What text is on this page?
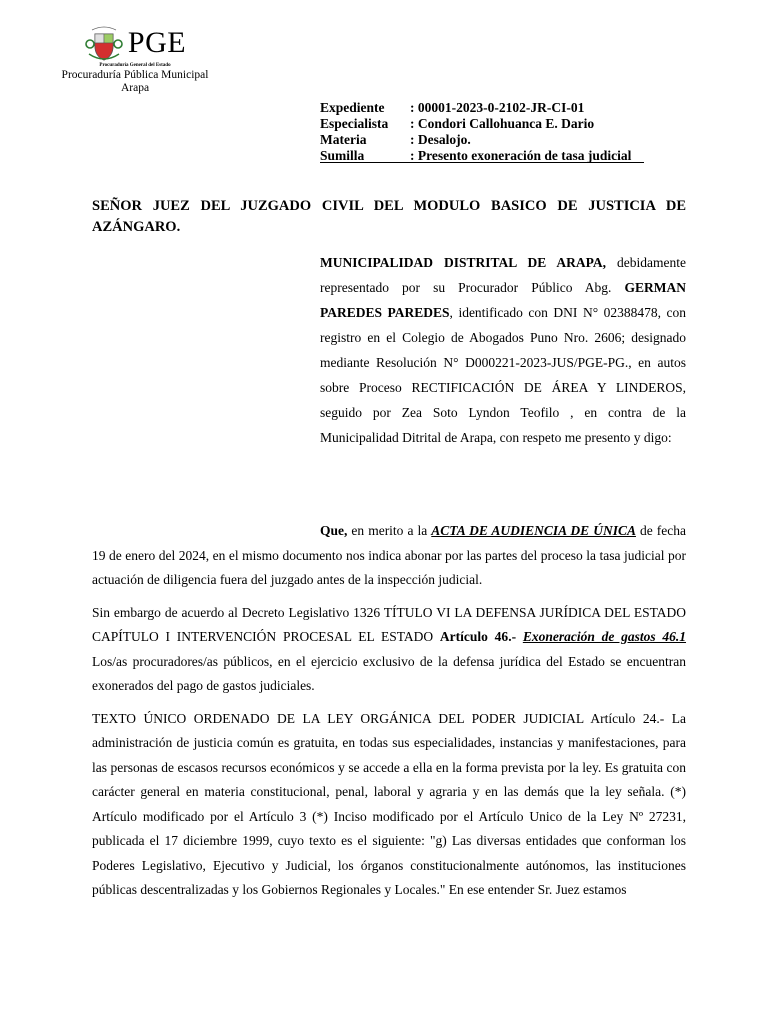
PGE
Procuraduría General del Estado
Procuraduría Pública Municipal
Arapa
Expediente	: 00001-2023-0-2102-JR-CI-01
Especialista	: Condori Callohuanca E. Dario
Materia	: Desalojo.
Sumilla	: Presento exoneración de tasa judicial
SEÑOR JUEZ DEL JUZGADO CIVIL DEL MODULO BASICO DE JUSTICIA DE AZÁNGARO.
MUNICIPALIDAD DISTRITAL DE ARAPA, debidamente representado por su Procurador Público Abg. GERMAN PAREDES PAREDES, identificado con DNI N° 02388478, con registro en el Colegio de Abogados Puno Nro. 2606; designado mediante Resolución N° D000221-2023-JUS/PGE-PG., en autos sobre Proceso RECTIFICACIÓN DE ÁREA Y LINDEROS, seguido por Zea Soto Lyndon Teofilo , en contra de la Municipalidad Ditrital de Arapa, con respeto me presento y digo:

Que, en merito a la ACTA DE AUDIENCIA DE ÚNICA de fecha 19 de enero del 2024, en el mismo documento nos indica abonar por las partes del proceso la tasa judicial por actuación de diligencia fuera del juzgado antes de la inspección judicial.

Sin embargo de acuerdo al Decreto Legislativo 1326 TÍTULO VI LA DEFENSA JURÍDICA DEL ESTADO CAPÍTULO I INTERVENCIÓN PROCESAL EL ESTADO Artículo 46.- Exoneración de gastos 46.1 Los/as procuradores/as públicos, en el ejercicio exclusivo de la defensa jurídica del Estado se encuentran exonerados del pago de gastos judiciales.

TEXTO ÚNICO ORDENADO DE LA LEY ORGÁNICA DEL PODER JUDICIAL Artículo 24.- La administración de justicia común es gratuita, en todas sus especialidades, instancias y manifestaciones, para las personas de escasos recursos económicos y se accede a ella en la forma prevista por la ley. Es gratuita con carácter general en materia constitucional, penal, laboral y agraria y en las demás que la ley señala. (*) Artículo modificado por el Artículo 3 (*) Inciso modificado por el Artículo Unico de la Ley Nº 27231, publicada el 17 diciembre 1999, cuyo texto es el siguiente: "g) Las diversas entidades que conforman los Poderes Legislativo, Ejecutivo y Judicial, los órganos constitucionalmente autónomos, las instituciones públicas descentralizadas y los Gobiernos Regionales y Locales." En ese entender Sr. Juez estamos
